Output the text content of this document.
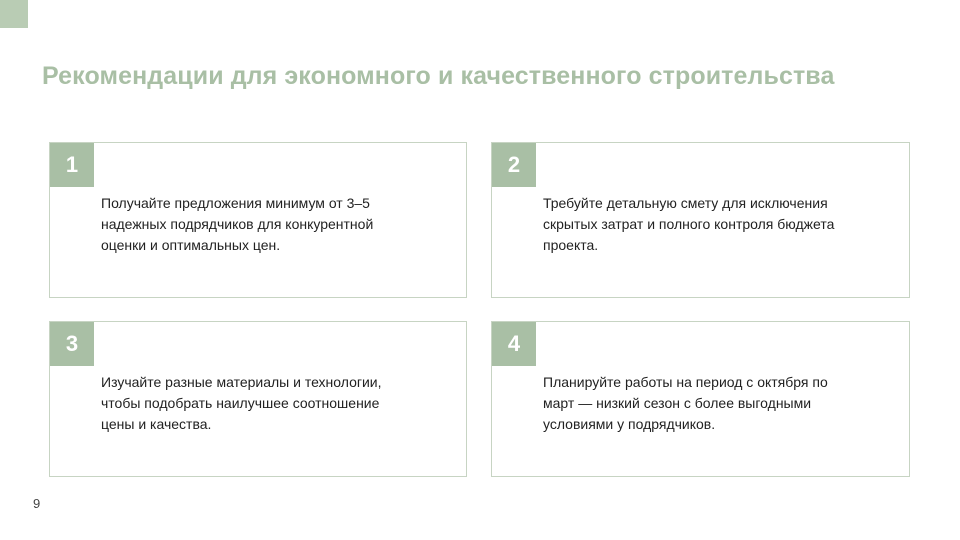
Рекомендации для экономного и качественного строительства
1
Получайте предложения минимум от 3–5
надежных подрядчиков для конкурентной
оценки и оптимальных цен.
2
Требуйте детальную смету для исключения
скрытых затрат и полного контроля бюджета
проекта.
3
Изучайте разные материалы и технологии,
чтобы подобрать наилучшее соотношение
цены и качества.
4
Планируйте работы на период с октября по
март — низкий сезон с более выгодными
условиями у подрядчиков.
9
